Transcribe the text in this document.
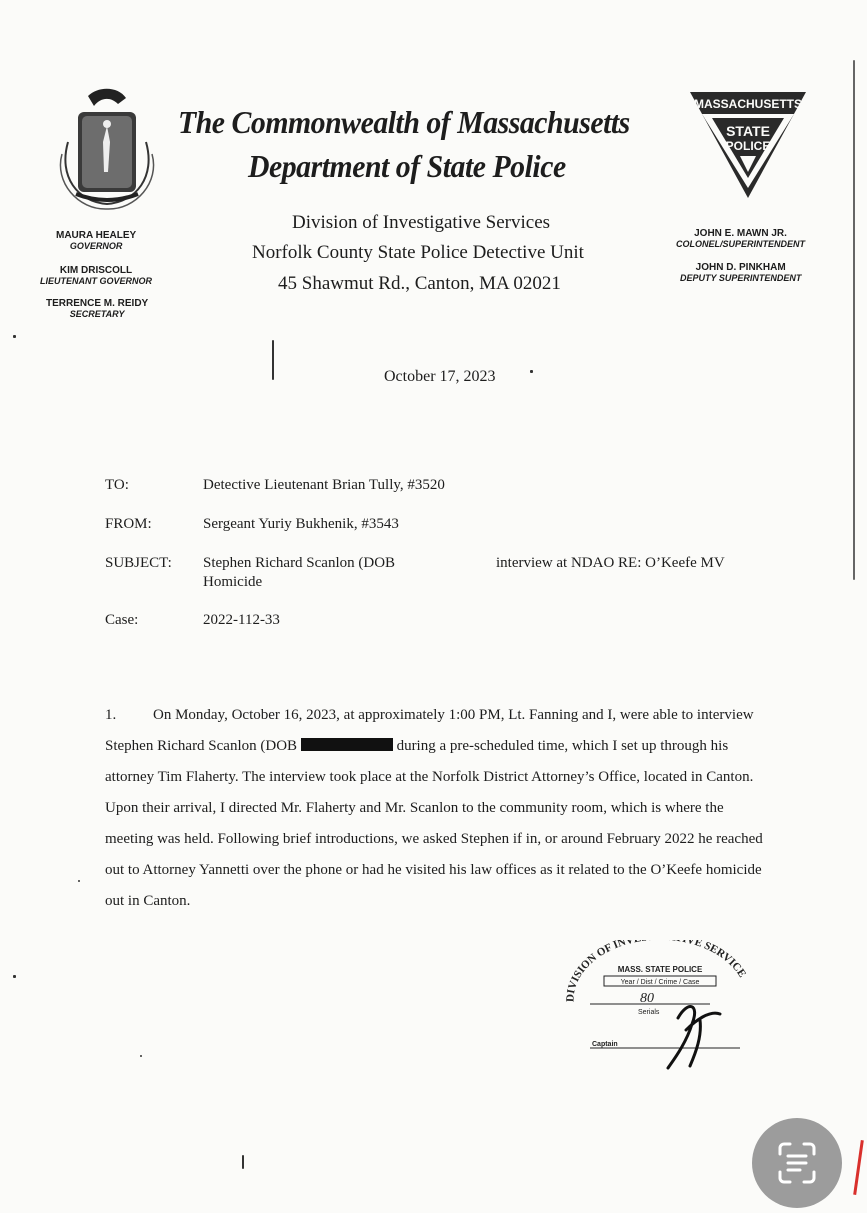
MAURA HEALEY
GOVERNOR
KIM DRISCOLL
LIEUTENANT GOVERNOR
TERRENCE M. REIDY
SECRETARY
The Commonwealth of Massachusetts
Department of State Police
Division of Investigative Services
Norfolk County State Police Detective Unit
45 Shawmut Rd., Canton, MA 02021
MASSACHUSETTS
STATE
POLICE
JOHN E. MAWN JR.
COLONEL/SUPERINTENDENT
JOHN D. PINKHAM
DEPUTY SUPERINTENDENT
October 17, 2023
TO:	Detective Lieutenant Brian Tully, #3520
FROM:	Sergeant Yuriy Bukhenik, #3543
SUBJECT: Stephen Richard Scanlon (DOB	interview at NDAO RE: O’Keefe MV
Homicide
Case:	2022-112-33
1. On Monday, October 16, 2023, at approximately 1:00 PM, Lt. Fanning and I, were able to interview Stephen Richard Scanlon (DOB	during a pre-scheduled time, which I set up through his attorney Tim Flaherty. The interview took place at the Norfolk District Attorney’s Office, located in Canton. Upon their arrival, I directed Mr. Flaherty and Mr. Scanlon to the community room, which is where the meeting was held. Following brief introductions, we asked Stephen if in, or around February 2022 he reached out to Attorney Yannetti over the phone or had he visited his law offices as it related to the O’Keefe homicide out in Canton.
DIVISION OF INV VE SERVICE
MASS. STATE POLICE
Year / Dist / Crime / Case
80
Serials
Captain
